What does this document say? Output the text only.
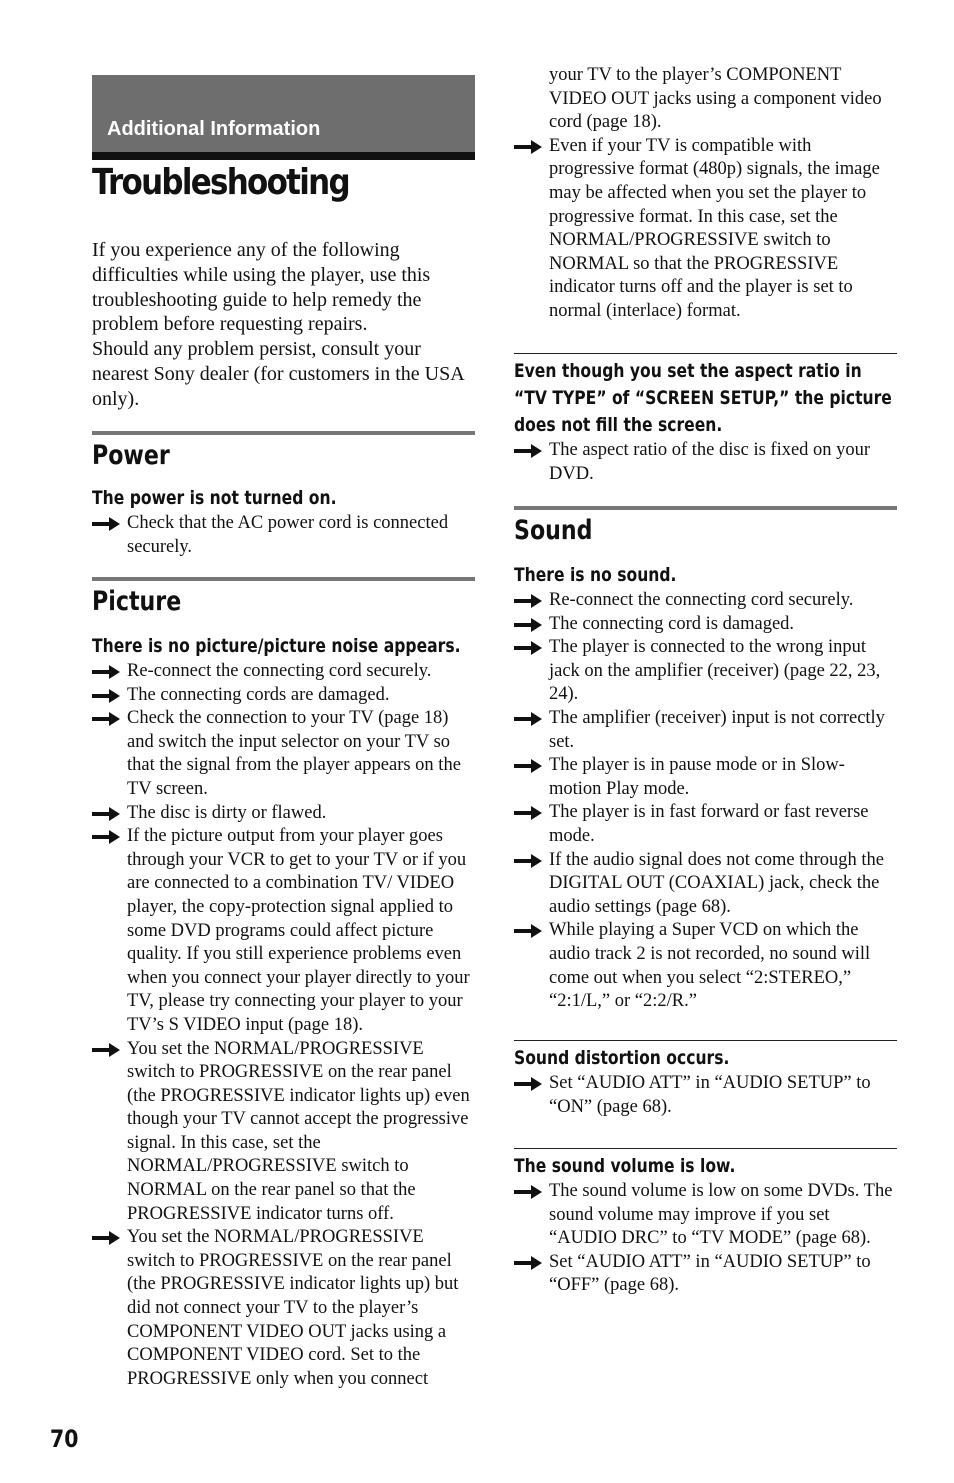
Additional Information
Troubleshooting

If you experience any of the following difficulties while using the player, use this troubleshooting guide to help remedy the problem before requesting repairs.

Should any problem persist, consult your nearest Sony dealer (for customers in the USA only).

Power

The power is not turned on.

Check that the AC power cord is connected securely.
Picture

There is no picture/picture noise appears.

Re-connect the connecting cord securely.
The connecting cords are damaged.
Check the connection to your TV (page 18) and switch the input selector on your TV so that the signal from the player appears on the TV screen.
The disc is dirty or flawed.
If the picture output from your player goes through your VCR to get to your TV or if you are connected to a combination TV/ VIDEO player, the copy-protection signal applied to some DVD programs could affect picture quality. If you still experience problems even when you connect your player directly to your TV, please try connecting your player to your TV’s S VIDEO input (page 18).
You set the NORMAL/PROGRESSIVE switch to PROGRESSIVE on the rear panel (the PROGRESSIVE indicator lights up) even though your TV cannot accept the progressive signal. In this case, set the NORMAL/PROGRESSIVE switch to NORMAL on the rear panel so that the PROGRESSIVE indicator turns off.
You set the NORMAL/PROGRESSIVE switch to PROGRESSIVE on the rear panel (the PROGRESSIVE indicator lights up) but did not connect your TV to the player’s COMPONENT VIDEO OUT jacks using a COMPONENT VIDEO cord. Set to the PROGRESSIVE only when you connect
your TV to the player’s COMPONENT VIDEO OUT jacks using a component video cord (page 18).
Even if your TV is compatible with progressive format (480p) signals, the image may be affected when you set the player to progressive format. In this case, set the NORMAL/PROGRESSIVE switch to NORMAL so that the PROGRESSIVE indicator turns off and the player is set to normal (interlace) format.

Even though you set the aspect ratio in “TV TYPE” of “SCREEN SETUP,” the picture does not fill the screen.

The aspect ratio of the disc is fixed on your DVD.
Sound

There is no sound.

Re-connect the connecting cord securely.
The connecting cord is damaged.
The player is connected to the wrong input jack on the amplifier (receiver) (page 22, 23, 24).
The amplifier (receiver) input is not correctly set.
The player is in pause mode or in Slow-motion Play mode.
The player is in fast forward or fast reverse mode.
If the audio signal does not come through the DIGITAL OUT (COAXIAL) jack, check the audio settings (page 68).
While playing a Super VCD on which the audio track 2 is not recorded, no sound will come out when you select “2:STEREO,” “2:1/L,” or “2:2/R.”

Sound distortion occurs.

Set “AUDIO ATT” in “AUDIO SETUP” to “ON” (page 68).

The sound volume is low.

The sound volume is low on some DVDs. The sound volume may improve if you set “AUDIO DRC” to “TV MODE” (page 68).
Set “AUDIO ATT” in “AUDIO SETUP” to “OFF” (page 68).
70
